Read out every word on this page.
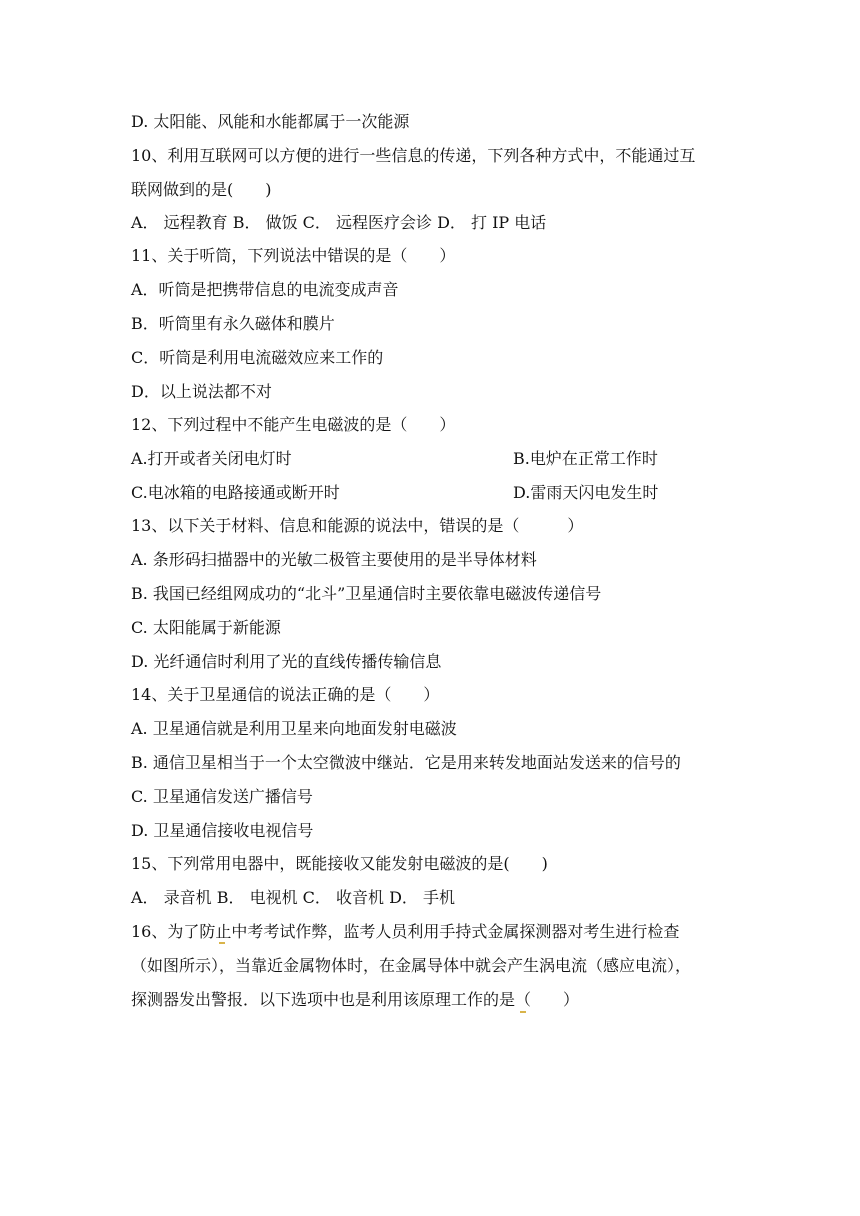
D. 太阳能、风能和水能都属于一次能源
10、利用互联网可以方便的进行一些信息的传递，下列各种方式中，不能通过互
联网做到的是(　　)
A． 远程教育 B． 做饭 C． 远程医疗会诊 D． 打 IP 电话
11、关于听筒，下列说法中错误的是（　　）
A．听筒是把携带信息的电流变成声音
B．听筒里有永久磁体和膜片
C．听筒是利用电流磁效应来工作的
D．以上说法都不对
12、下列过程中不能产生电磁波的是（　　）
A.打开或者关闭电灯时	B.电炉在正常工作时
C.电冰箱的电路接通或断开时	D.雷雨天闪电发生时
13、以下关于材料、信息和能源的说法中，错误的是（　　　）
A. 条形码扫描器中的光敏二极管主要使用的是半导体材料
B. 我国已经组网成功的“北斗”卫星通信时主要依靠电磁波传递信号
C. 太阳能属于新能源
D. 光纤通信时利用了光的直线传播传输信息
14、关于卫星通信的说法正确的是（　　）
A. 卫星通信就是利用卫星来向地面发射电磁波
B. 通信卫星相当于一个太空微波中继站．它是用来转发地面站发送来的信号的
C. 卫星通信发送广播信号
D. 卫星通信接收电视信号
15、下列常用电器中，既能接收又能发射电磁波的是(　　)
A． 录音机 B． 电视机 C． 收音机 D． 手机
16、为了防止中考考试作弊，监考人员利用手持式金属探测器对考生进行检查
（如图所示），当靠近金属物体时，在金属导体中就会产生涡电流（感应电流），
探测器发出警报．以下选项中也是利用该原理工作的是（　　）
